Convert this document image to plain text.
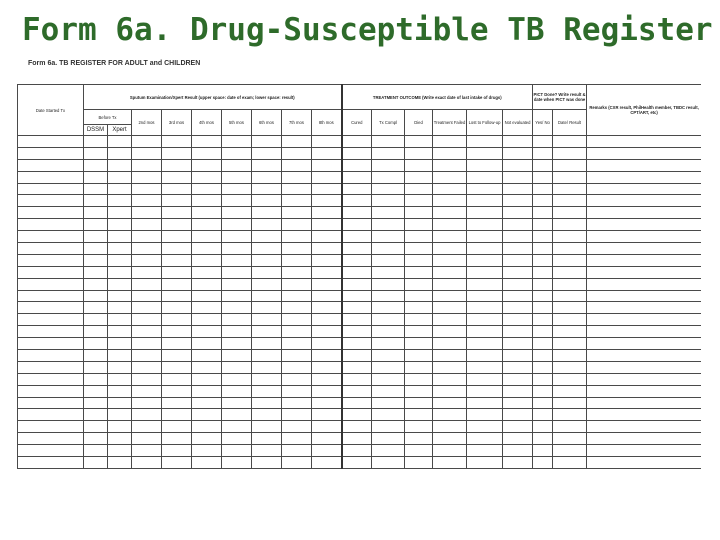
Form 6a. Drug-Susceptible TB Register
Form 6a. TB REGISTER FOR ADULT and CHILDREN
Date Started Tx	Sputum Examination/Xpert Result (upper space: date of exam; lower space: result)									TREATMENT OUTCOME (Write exact date of last intake of drugs)						PICT Done? Write result & date when PICT was done		Remarks (CXR result, PhilHealth member, TBDC result, CPT/ART, etc)
	Before Tx		2nd mos	3rd mos	4th mos	5th mos	6th mos	7th mos	8th mos	Cured	Tx Compl	Died	Treatment Failed	Lost to Follow-up	Not evaluated	Yes/ No	Date/ Result	
	DSSM	Xpert																
